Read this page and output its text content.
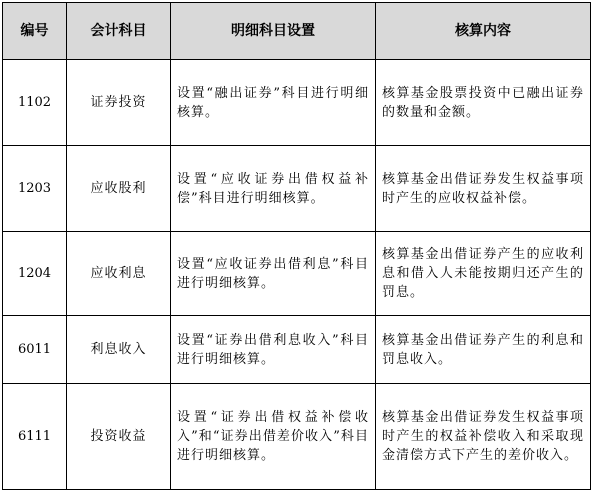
编号	会计科目	明细科目设置	核算内容
1102	证券投资	设置“融出证券”科目进行明细核算。	核算基金股票投资中已融出证券的数量和金额。
1203	应收股利	设置“应收证券出借权益补偿”科目进行明细核算。	核算基金出借证券发生权益事项时产生的应收权益补偿。
1204	应收利息	设置“应收证券出借利息”科目进行明细核算。	核算基金出借证券产生的应收利息和借入人未能按期归还产生的罚息。
6011	利息收入	设置“证券出借利息收入”科目进行明细核算。	核算基金出借证券产生的利息和罚息收入。
6111	投资收益	设置“证券出借权益补偿收入”和“证券出借差价收入”科目进行明细核算。	核算基金出借证券发生权益事项时产生的权益补偿收入和采取现金清偿方式下产生的差价收入。
